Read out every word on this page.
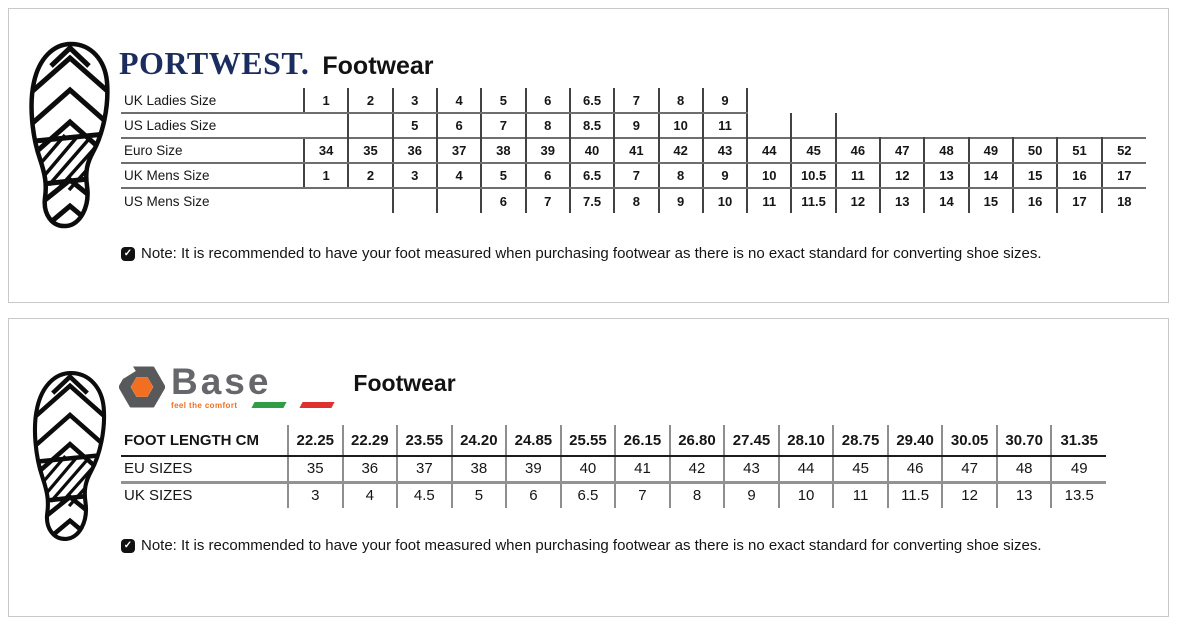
PORTWEST. Footwear
UK Ladies Size	1	2	3	4	5	6	6.5	7	8	9									
US Ladies Size			5	6	7	8	8.5	9	10	11									
Euro Size	34	35	36	37	38	39	40	41	42	43	44	45	46	47	48	49	50	51	52
UK Mens Size	1	2	3	4	5	6	6.5	7	8	9	10	10.5	11	12	13	14	15	16	17
US Mens Size					6	7	7.5	8	9	10	11	11.5	12	13	14	15	16	17	18
✓ Note: It is recommended to have your foot measured when purchasing footwear as there is no exact standard for converting shoe sizes.
Base
feel the comfort
Footwear
FOOT LENGTH CM	22.25	22.29	23.55	24.20	24.85	25.55	26.15	26.80	27.45	28.10	28.75	29.40	30.05	30.70	31.35
EU SIZES	35	36	37	38	39	40	41	42	43	44	45	46	47	48	49
UK SIZES	3	4	4.5	5	6	6.5	7	8	9	10	11	11.5	12	13	13.5
✓ Note: It is recommended to have your foot measured when purchasing footwear as there is no exact standard for converting shoe sizes.
